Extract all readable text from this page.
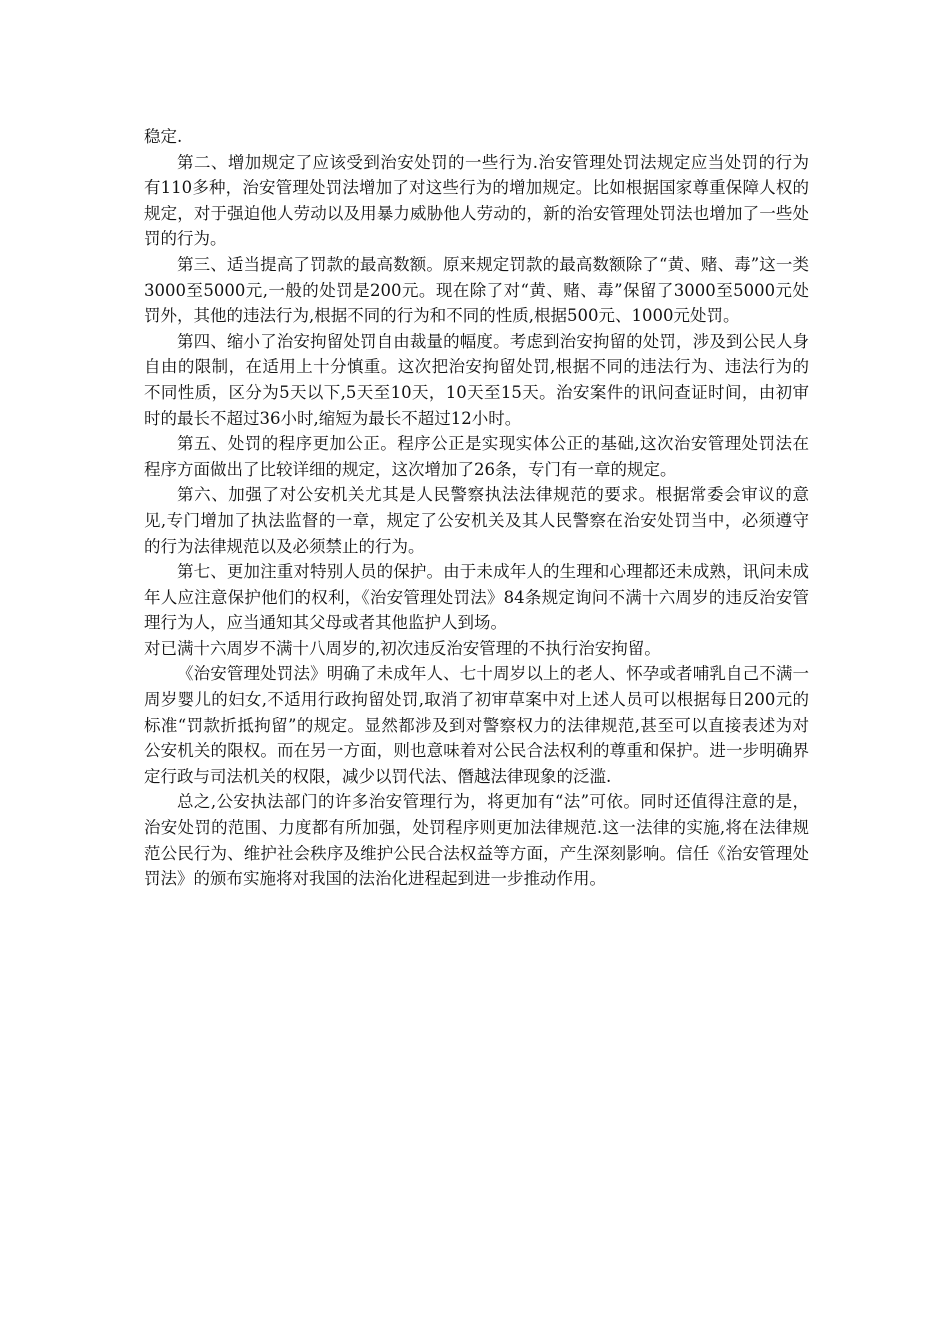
稳定.

第二、增加规定了应该受到治安处罚的一些行为.治安管理处罚法规定应当处罚的行为有110多种，治安管理处罚法增加了对这些行为的增加规定。比如根据国家尊重保障人权的规定，对于强迫他人劳动以及用暴力威胁他人劳动的，新的治安管理处罚法也增加了一些处罚的行为。

第三、适当提高了罚款的最高数额。原来规定罚款的最高数额除了“黄、赌、毒”这一类3000至5000元,一般的处罚是200元。现在除了对“黄、赌、毒”保留了3000至5000元处罚外，其他的违法行为,根据不同的行为和不同的性质,根据500元、1000元处罚。

第四、缩小了治安拘留处罚自由裁量的幅度。考虑到治安拘留的处罚，涉及到公民人身自由的限制，在适用上十分慎重。这次把治安拘留处罚,根据不同的违法行为、违法行为的不同性质，区分为5天以下,5天至10天，10天至15天。治安案件的讯问查证时间，由初审时的最长不超过36小时,缩短为最长不超过12小时。

第五、处罚的程序更加公正。程序公正是实现实体公正的基础,这次治安管理处罚法在程序方面做出了比较详细的规定，这次增加了26条，专门有一章的规定。

第六、加强了对公安机关尤其是人民警察执法法律规范的要求。根据常委会审议的意见,专门增加了执法监督的一章，规定了公安机关及其人民警察在治安处罚当中，必须遵守的行为法律规范以及必须禁止的行为。

第七、更加注重对特别人员的保护。由于未成年人的生理和心理都还未成熟，讯问未成年人应注意保护他们的权利，《治安管理处罚法》84条规定询问不满十六周岁的违反治安管理行为人，应当通知其父母或者其他监护人到场。

对已满十六周岁不满十八周岁的,初次违反治安管理的不执行治安拘留。

《治安管理处罚法》明确了未成年人、七十周岁以上的老人、怀孕或者哺乳自己不满一周岁婴儿的妇女,不适用行政拘留处罚,取消了初审草案中对上述人员可以根据每日200元的标准“罚款折抵拘留”的规定。显然都涉及到对警察权力的法律规范,甚至可以直接表述为对公安机关的限权。而在另一方面，则也意味着对公民合法权利的尊重和保护。进一步明确界定行政与司法机关的权限，减少以罚代法、僭越法律现象的泛滥.

总之,公安执法部门的许多治安管理行为，将更加有“法”可依。同时还值得注意的是，治安处罚的范围、力度都有所加强，处罚程序则更加法律规范.这一法律的实施,将在法律规范公民行为、维护社会秩序及维护公民合法权益等方面，产生深刻影响。信任《治安管理处罚法》的颁布实施将对我国的法治化进程起到进一步推动作用。
